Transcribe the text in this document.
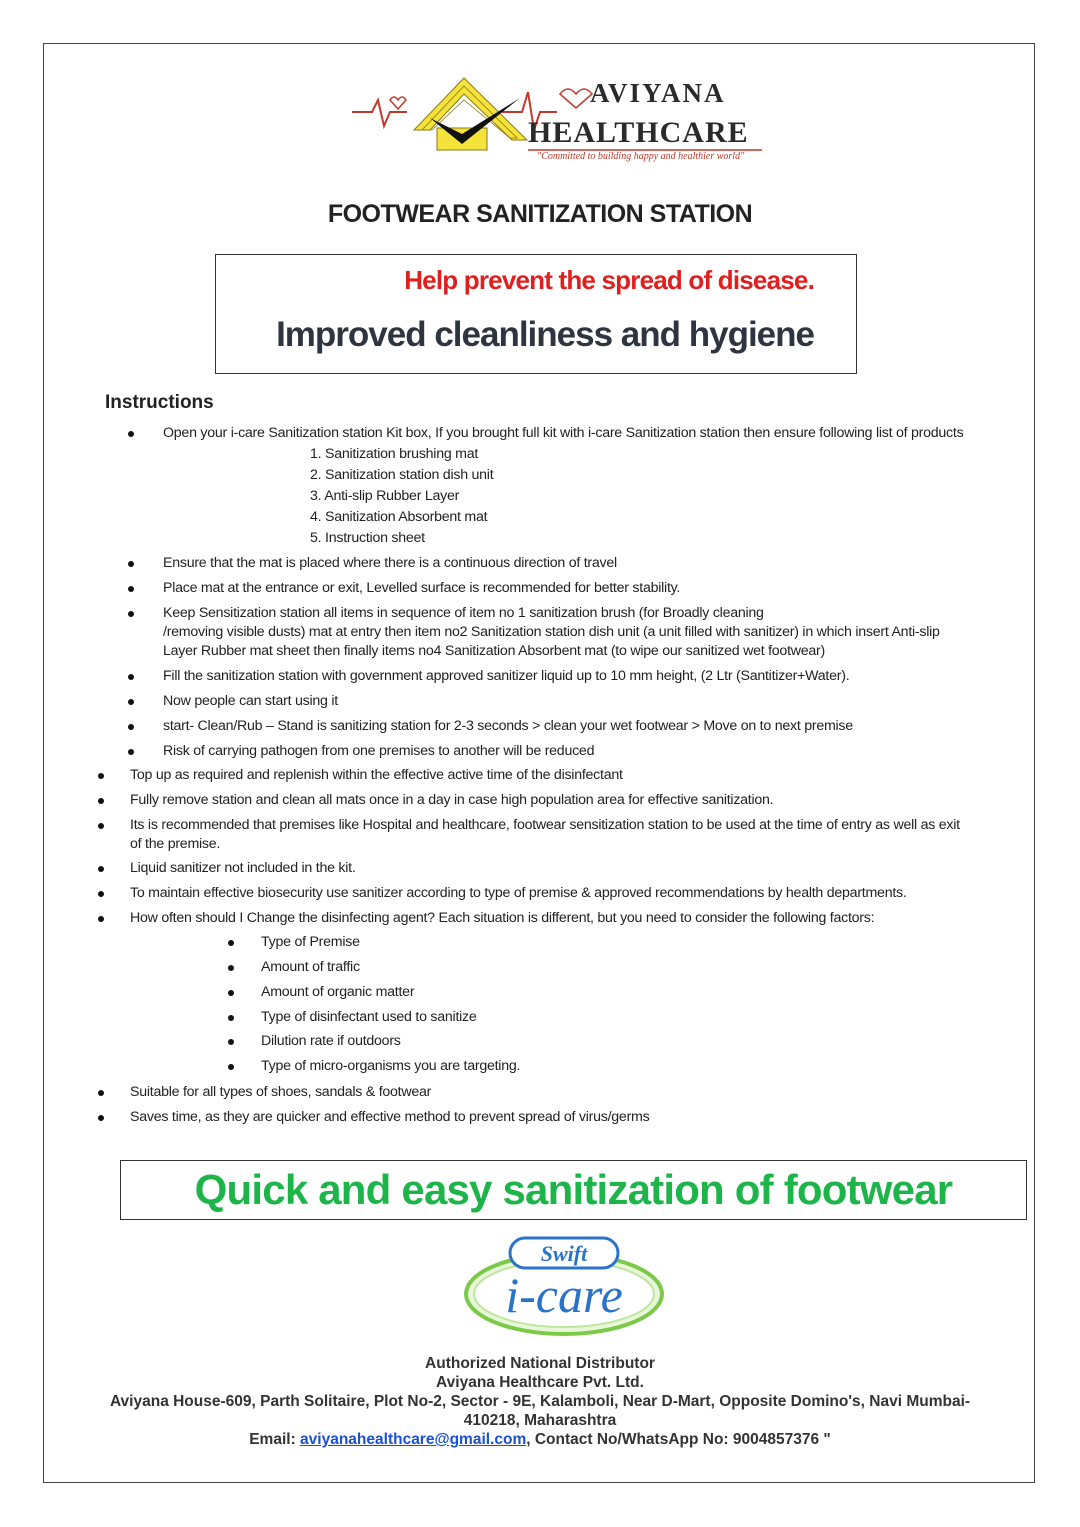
AVIYANA
HEALTHCARE
"Committed to building happy and healthier world"
FOOTWEAR SANITIZATION STATION
Help prevent the spread of disease.
Improved cleanliness and hygiene
Instructions
Open your i-care Sanitization station Kit box, If you brought full kit with i-care Sanitization station then ensure following list of products
1. Sanitization brushing mat
2. Sanitization station dish unit
3. Anti-slip Rubber Layer
4. Sanitization Absorbent mat
5. Instruction sheet
Ensure that the mat is placed where there is a continuous direction of travel
Place mat at the entrance or exit, Levelled surface is recommended for better stability.
Keep Sensitization station all items in sequence of item no 1 sanitization brush (for Broadly cleaning
/removing visible dusts) mat at entry then item no2 Sanitization station dish unit (a unit filled with sanitizer) in which insert Anti-slip
Layer Rubber mat sheet then finally items no4 Sanitization Absorbent mat (to wipe our sanitized wet footwear)
Fill the sanitization station with government approved sanitizer liquid up to 10 mm height, (2 Ltr (Santitizer+Water).
Now people can start using it
start- Clean/Rub – Stand is sanitizing station for 2-3 seconds > clean your wet footwear > Move on to next premise
Risk of carrying pathogen from one premises to another will be reduced
Top up as required and replenish within the effective active time of the disinfectant
Fully remove station and clean all mats once in a day in case high population area for effective sanitization.
Its is recommended that premises like Hospital and healthcare, footwear sensitization station to be used at the time of entry as well as exit
of the premise.
Liquid sanitizer not included in the kit.
To maintain effective biosecurity use sanitizer according to type of premise & approved recommendations by health departments.
How often should I Change the disinfecting agent? Each situation is different, but you need to consider the following factors:
Type of Premise
Amount of traffic
Amount of organic matter
Type of disinfectant used to sanitize
Dilution rate if outdoors
Type of micro-organisms you are targeting.
Suitable for all types of shoes, sandals & footwear
Saves time, as they are quicker and effective method to prevent spread of virus/germs
Quick and easy sanitization of footwear
Swift
i-care
Authorized National Distributor
Aviyana Healthcare Pvt. Ltd.
Aviyana House-609, Parth Solitaire, Plot No-2, Sector - 9E, Kalamboli, Near D-Mart, Opposite Domino's, Navi Mumbai-
410218, Maharashtra
Email: aviyanahealthcare@gmail.com, Contact No/WhatsApp No: 9004857376 "
